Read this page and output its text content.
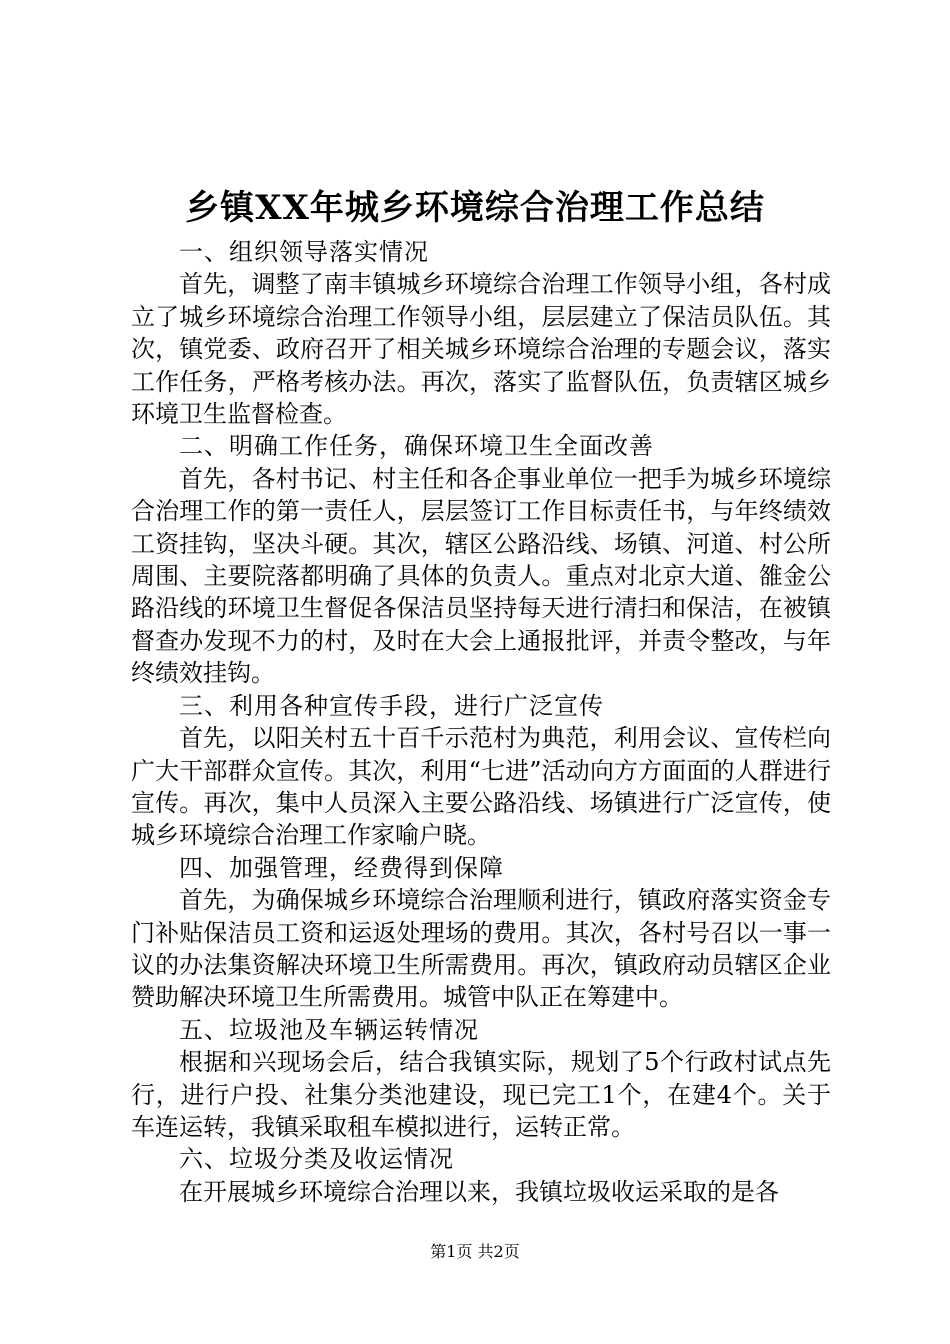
乡镇XX年城乡环境综合治理工作总结

一、组织领导落实情况

首先，调整了南丰镇城乡环境综合治理工作领导小组，各村成立了城乡环境综合治理工作领导小组，层层建立了保洁员队伍。其次，镇党委、政府召开了相关城乡环境综合治理的专题会议，落实工作任务，严格考核办法。再次，落实了监督队伍，负责辖区城乡环境卫生监督检查。

二、明确工作任务，确保环境卫生全面改善

首先，各村书记、村主任和各企事业单位一把手为城乡环境综合治理工作的第一责任人，层层签订工作目标责任书，与年终绩效工资挂钩，坚决斗硬。其次，辖区公路沿线、场镇、河道、村公所周围、主要院落都明确了具体的负责人。重点对北京大道、雒金公路沿线的环境卫生督促各保洁员坚持每天进行清扫和保洁，在被镇督查办发现不力的村，及时在大会上通报批评，并责令整改，与年终绩效挂钩。

三、利用各种宣传手段，进行广泛宣传

首先，以阳关村五十百千示范村为典范，利用会议、宣传栏向广大干部群众宣传。其次，利用“七进”活动向方方面面的人群进行宣传。再次，集中人员深入主要公路沿线、场镇进行广泛宣传，使城乡环境综合治理工作家喻户晓。

四、加强管理，经费得到保障

首先，为确保城乡环境综合治理顺利进行，镇政府落实资金专门补贴保洁员工资和运返处理场的费用。其次，各村号召以一事一议的办法集资解决环境卫生所需费用。再次，镇政府动员辖区企业赞助解决环境卫生所需费用。城管中队正在筹建中。

五、垃圾池及车辆运转情况

根据和兴现场会后，结合我镇实际，规划了5个行政村试点先行，进行户投、社集分类池建设，现已完工1个，在建4个。关于车连运转，我镇采取租车模拟进行，运转正常。

六、垃圾分类及收运情况

在开展城乡环境综合治理以来，我镇垃圾收运采取的是各

第1页 共2页
